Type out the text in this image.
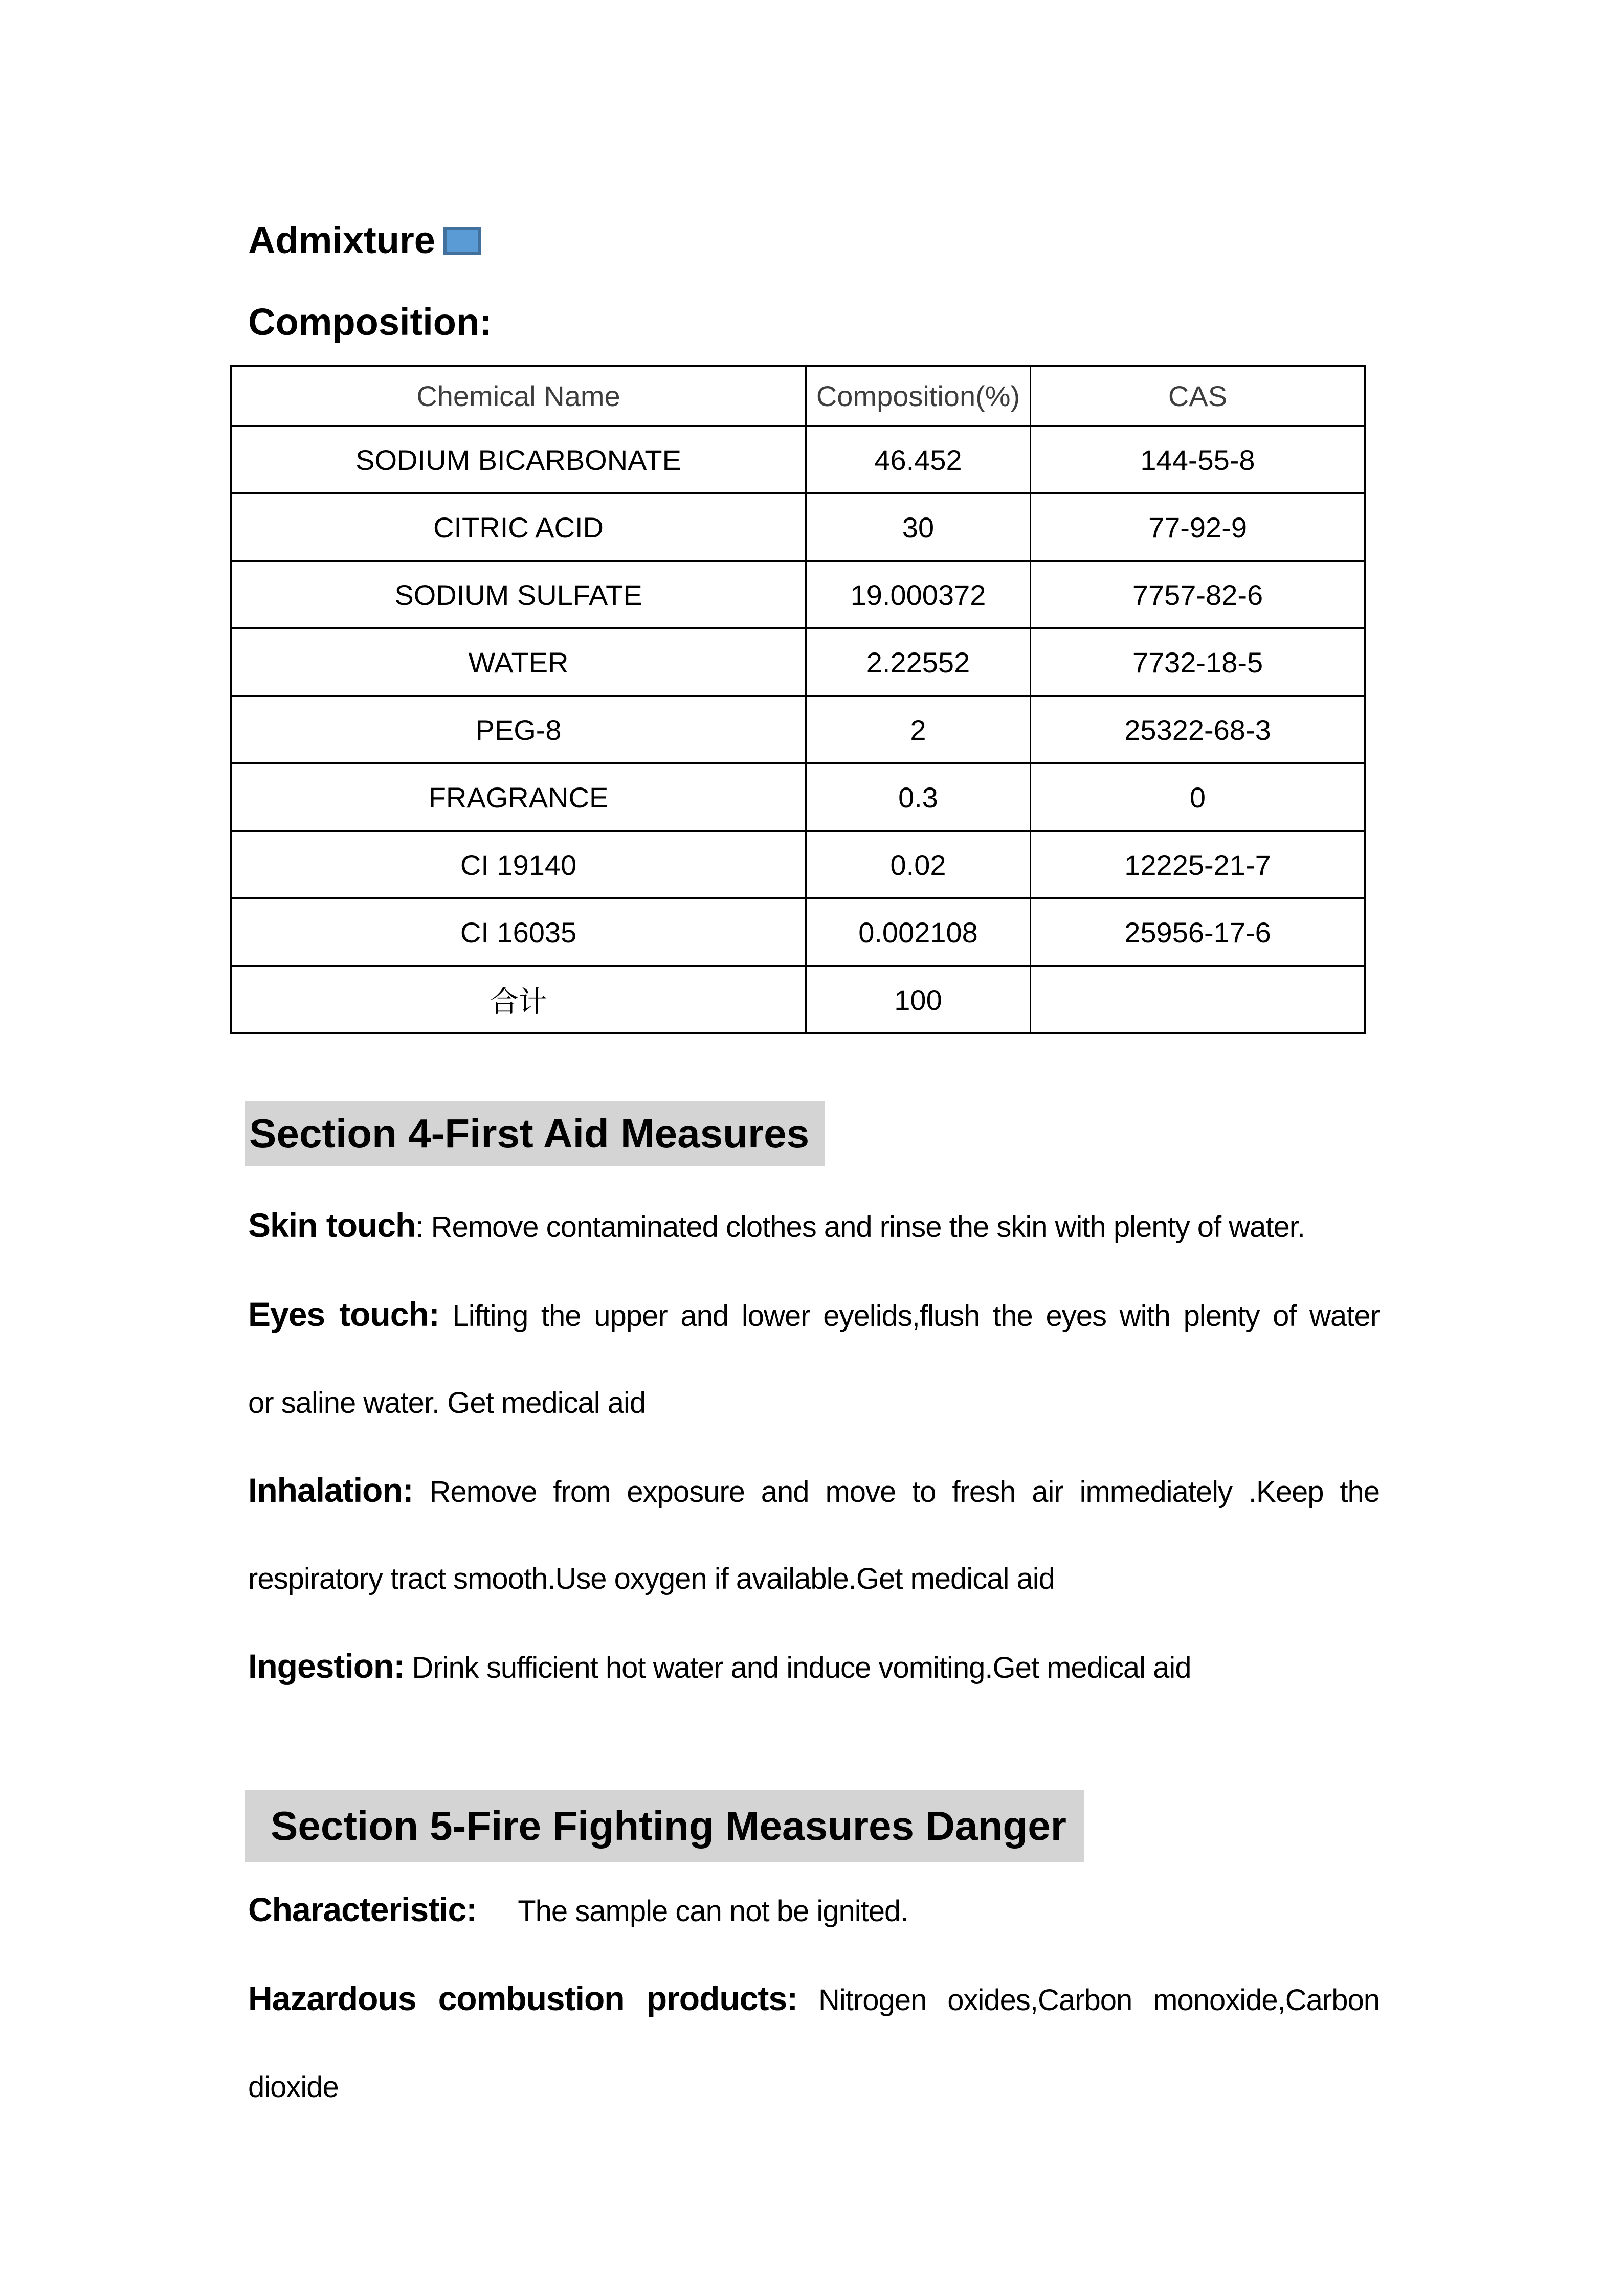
Admixture
Composition:
Chemical Name	Composition(%)	CAS
SODIUM BICARBONATE	46.452	144-55-8
CITRIC ACID	30	77-92-9
SODIUM SULFATE	19.000372	7757-82-6
WATER	2.22552	7732-18-5
PEG-8	2	25322-68-3
FRAGRANCE	0.3	0
CI 19140	0.02	12225-21-7
CI 16035	0.002108	25956-17-6
合计	100	
Section 4-First Aid Measures

Skin touch: Remove contaminated clothes and rinse the skin with plenty of water.

Eyes touch: Lifting the upper and lower eyelids,flush the eyes with plenty of water
or saline water. Get medical aid

Inhalation: Remove from exposure and move to fresh air immediately .Keep the
respiratory tract smooth.Use oxygen if available.Get medical aid

Ingestion: Drink sufficient hot water and induce vomiting.Get medical aid

Section 5-Fire Fighting Measures Danger

Characteristic: The sample can not be ignited.

Hazardous combustion products: Nitrogen oxides,Carbon monoxide,Carbon
dioxide
